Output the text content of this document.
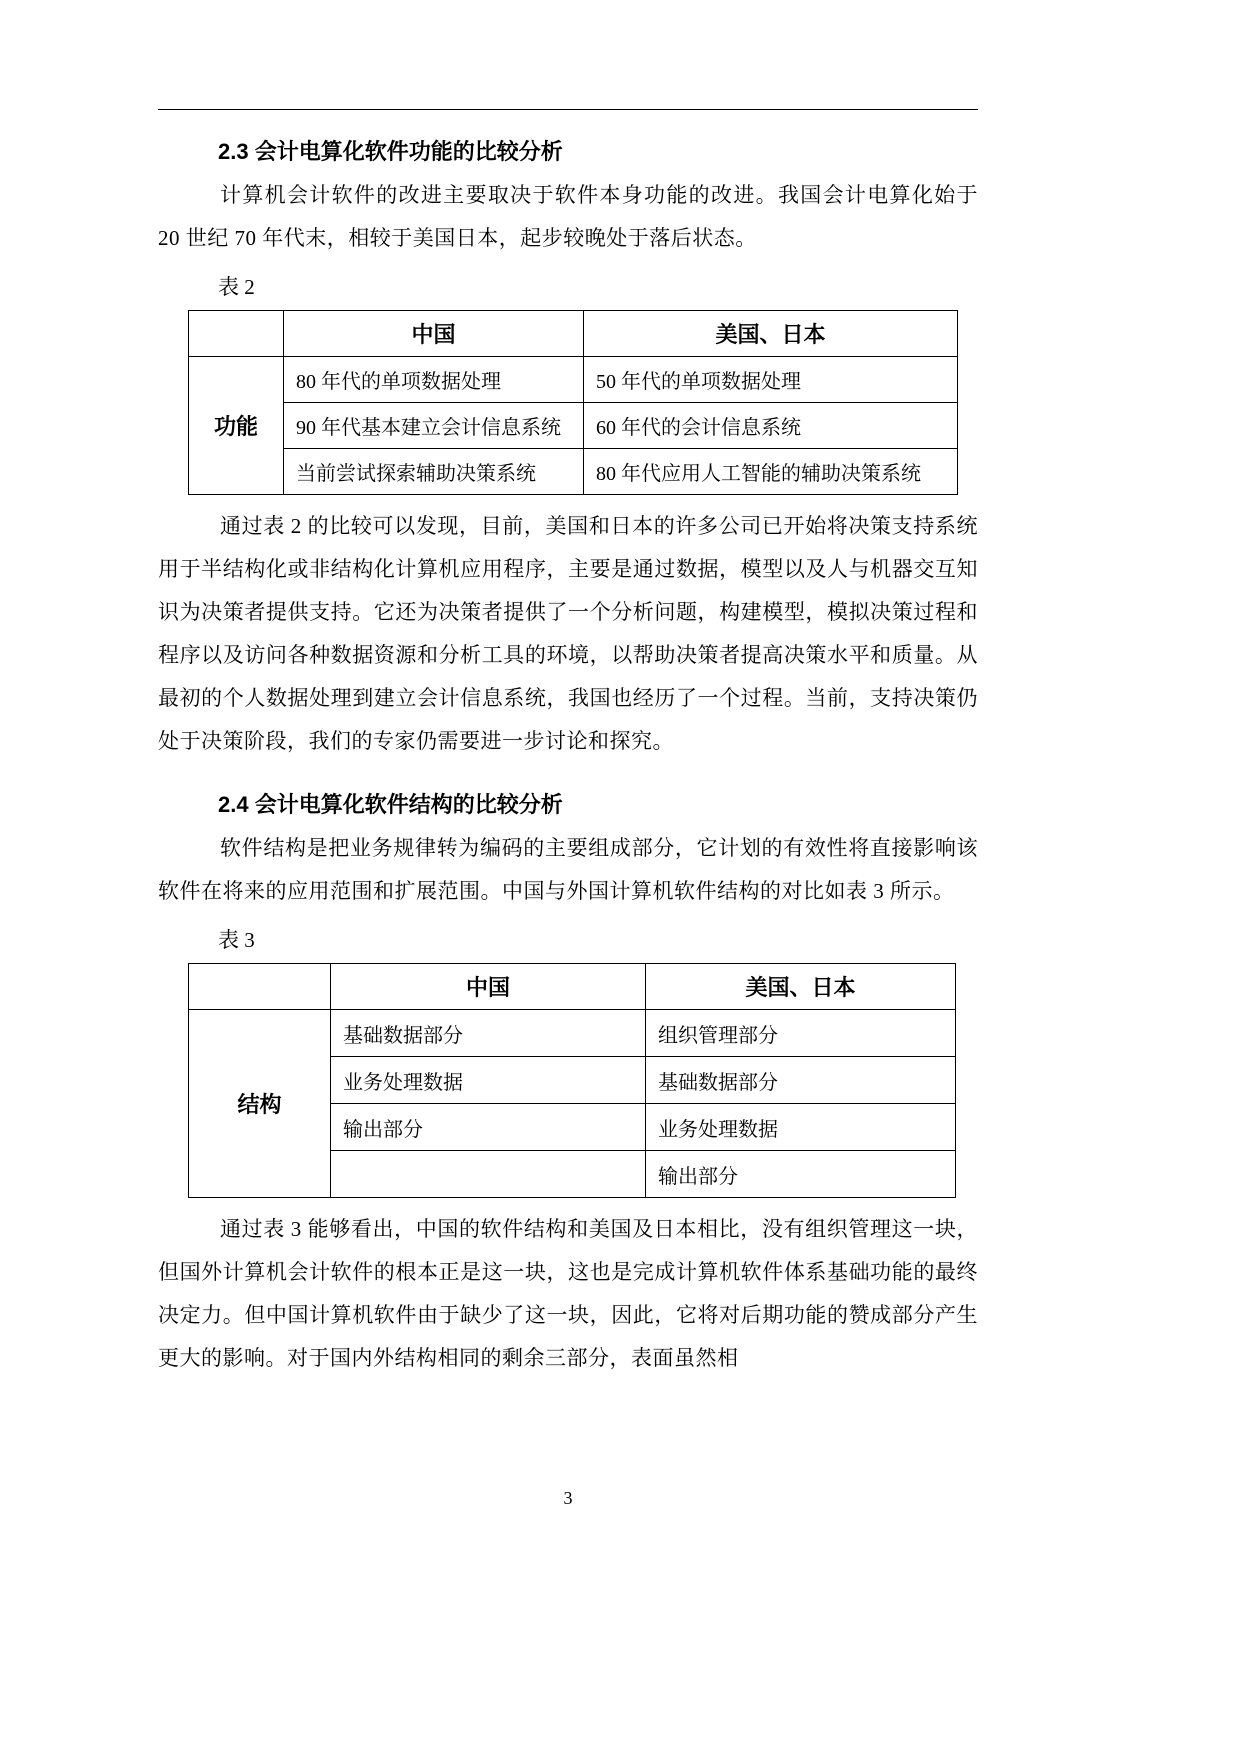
2.3 会计电算化软件功能的比较分析

计算机会计软件的改进主要取决于软件本身功能的改进。我国会计电算化始于 20 世纪 70 年代末，相较于美国日本，起步较晚处于落后状态。

表 2

	中国	美国、日本
功能	80 年代的单项数据处理	50 年代的单项数据处理
	90 年代基本建立会计信息系统	60 年代的会计信息系统
	当前尝试探索辅助决策系统	80 年代应用人工智能的辅助决策系统

通过表 2 的比较可以发现，目前，美国和日本的许多公司已开始将决策支持系统用于半结构化或非结构化计算机应用程序，主要是通过数据，模型以及人与机器交互知识为决策者提供支持。它还为决策者提供了一个分析问题，构建模型，模拟决策过程和程序以及访问各种数据资源和分析工具的环境，以帮助决策者提高决策水平和质量。从最初的个人数据处理到建立会计信息系统，我国也经历了一个过程。当前，支持决策仍处于决策阶段，我们的专家仍需要进一步讨论和探究。

2.4 会计电算化软件结构的比较分析

软件结构是把业务规律转为编码的主要组成部分，它计划的有效性将直接影响该软件在将来的应用范围和扩展范围。中国与外国计算机软件结构的对比如表 3 所示。

表 3

	中国	美国、日本
结构	基础数据部分	组织管理部分
	业务处理数据	基础数据部分
	输出部分	业务处理数据
		输出部分

通过表 3 能够看出，中国的软件结构和美国及日本相比，没有组织管理这一块，但国外计算机会计软件的根本正是这一块，这也是完成计算机软件体系基础功能的最终决定力。但中国计算机软件由于缺少了这一块，因此，它将对后期功能的赞成部分产生更大的影响。对于国内外结构相同的剩余三部分，表面虽然相

3
